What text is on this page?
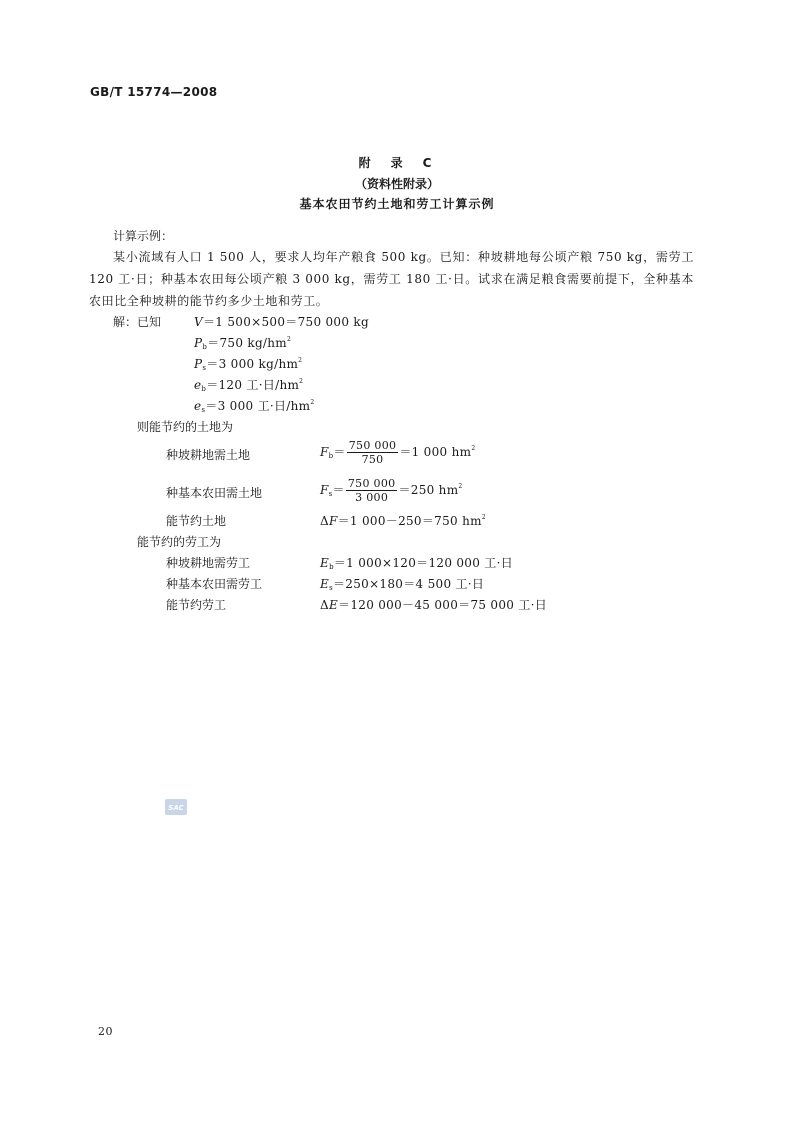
GB/T 15774—2008
附　录　C
（资料性附录）
基本农田节约土地和劳工计算示例
计算示例：
某小流域有人口 1 500 人，要求人均年产粮食 500 kg。已知：种坡耕地每公顷产粮 750 kg，需劳工 120 工·日；种基本农田每公顷产粮 3 000 kg，需劳工 180 工·日。试求在满足粮食需要前提下，全种基本农田比全种坡耕的能节约多少土地和劳工。
解：已知	V＝1 500×500＝750 000 kg
$P_b=750$ $kg/hm^2$
$P_s=3$ 000 $kg/hm^2$
$e_b=120$ 工·日$/hm^2$
$e_s=3$ 000 工·日$/hm^2$
则能节约的土地为
种坡耕地需土地	$F_b= \frac{750 000}{750} =1$ 000 $hm^2$
种基本农田需土地	$F_s= \frac{750 000}{3 000} =250$ $hm^2$
能节约土地	ΔF＝1 000－250＝750 $hm^2$
能节约的劳工为
种坡耕地需劳工	$E_b=1$ 000×120＝120 000 工·日
种基本农田需劳工	$E_s=250\times 180=4$ 500 工·日
能节约劳工	ΔE＝120 000－45 000＝75 000 工·日
SAC
20
